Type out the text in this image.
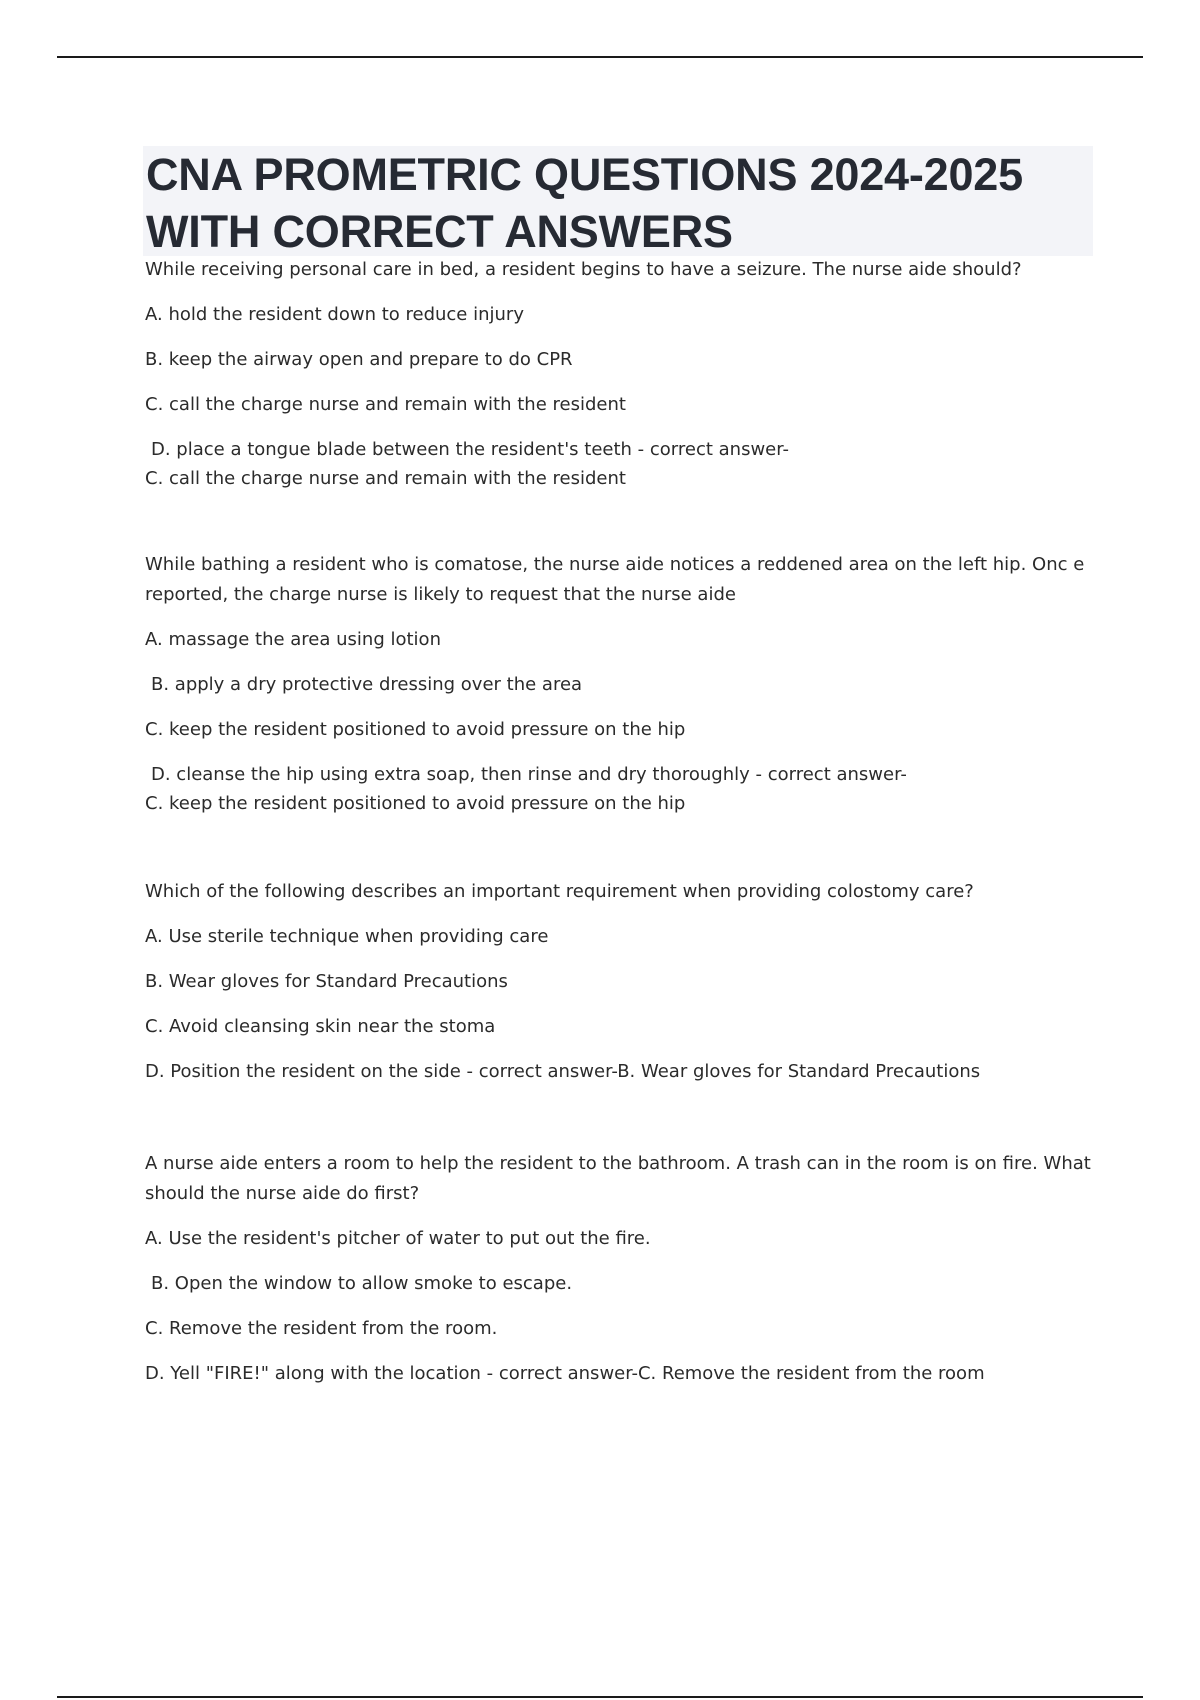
CNA PROMETRIC QUESTIONS 2024-2025 WITH CORRECT ANSWERS

While receiving personal care in bed, a resident begins to have a seizure. The nurse aide should?

A. hold the resident down to reduce injury

B. keep the airway open and prepare to do CPR

C. call the charge nurse and remain with the resident

D. place a tongue blade between the resident's teeth - correct answer-
C. call the charge nurse and remain with the resident

While bathing a resident who is comatose, the nurse aide notices a reddened area on the left hip. Onc e reported, the charge nurse is likely to request that the nurse aide

A. massage the area using lotion

B. apply a dry protective dressing over the area

C. keep the resident positioned to avoid pressure on the hip

D. cleanse the hip using extra soap, then rinse and dry thoroughly - correct answer-
C. keep the resident positioned to avoid pressure on the hip

Which of the following describes an important requirement when providing colostomy care?

A. Use sterile technique when providing care

B. Wear gloves for Standard Precautions

C. Avoid cleansing skin near the stoma

D. Position the resident on the side - correct answer-B. Wear gloves for Standard Precautions

A nurse aide enters a room to help the resident to the bathroom. A trash can in the room is on fire. What should the nurse aide do first?

A. Use the resident's pitcher of water to put out the fire.

B. Open the window to allow smoke to escape.

C. Remove the resident from the room.

D. Yell "FIRE!" along with the location - correct answer-C. Remove the resident from the room
